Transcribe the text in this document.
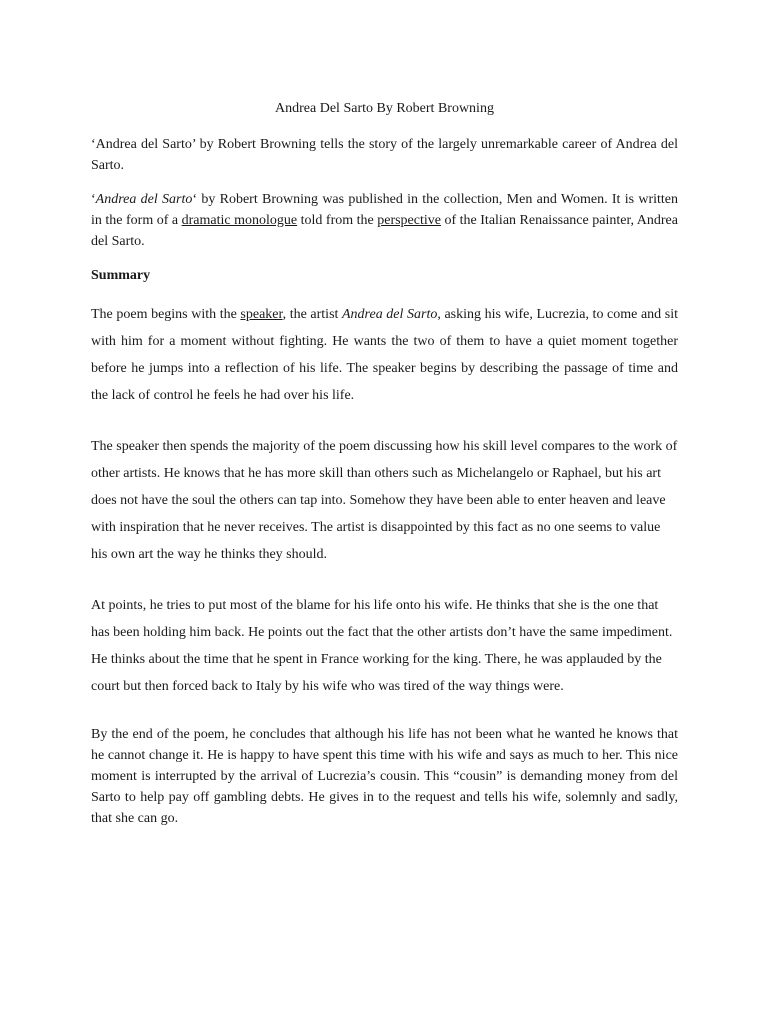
Andrea Del Sarto By Robert Browning

‘Andrea del Sarto’ by Robert Browning tells the story of the largely unremarkable career of Andrea del Sarto.

‘Andrea del Sarto‘ by Robert Browning was published in the collection, Men and Women. It is written in the form of a dramatic monologue told from the perspective of the Italian Renaissance painter, Andrea del Sarto.

Summary

The poem begins with the speaker, the artist Andrea del Sarto, asking his wife, Lucrezia, to come and sit with him for a moment without fighting. He wants the two of them to have a quiet moment together before he jumps into a reflection of his life. The speaker begins by describing the passage of time and the lack of control he feels he had over his life.

The speaker then spends the majority of the poem discussing how his skill level compares to the work of other artists. He knows that he has more skill than others such as Michelangelo or Raphael, but his art does not have the soul the others can tap into. Somehow they have been able to enter heaven and leave with inspiration that he never receives. The artist is disappointed by this fact as no one seems to value his own art the way he thinks they should.

At points, he tries to put most of the blame for his life onto his wife. He thinks that she is the one that has been holding him back. He points out the fact that the other artists don’t have the same impediment. He thinks about the time that he spent in France working for the king. There, he was applauded by the court but then forced back to Italy by his wife who was tired of the way things were.

By the end of the poem, he concludes that although his life has not been what he wanted he knows that he cannot change it. He is happy to have spent this time with his wife and says as much to her. This nice moment is interrupted by the arrival of Lucrezia’s cousin. This “cousin” is demanding money from del Sarto to help pay off gambling debts. He gives in to the request and tells his wife, solemnly and sadly, that she can go.
